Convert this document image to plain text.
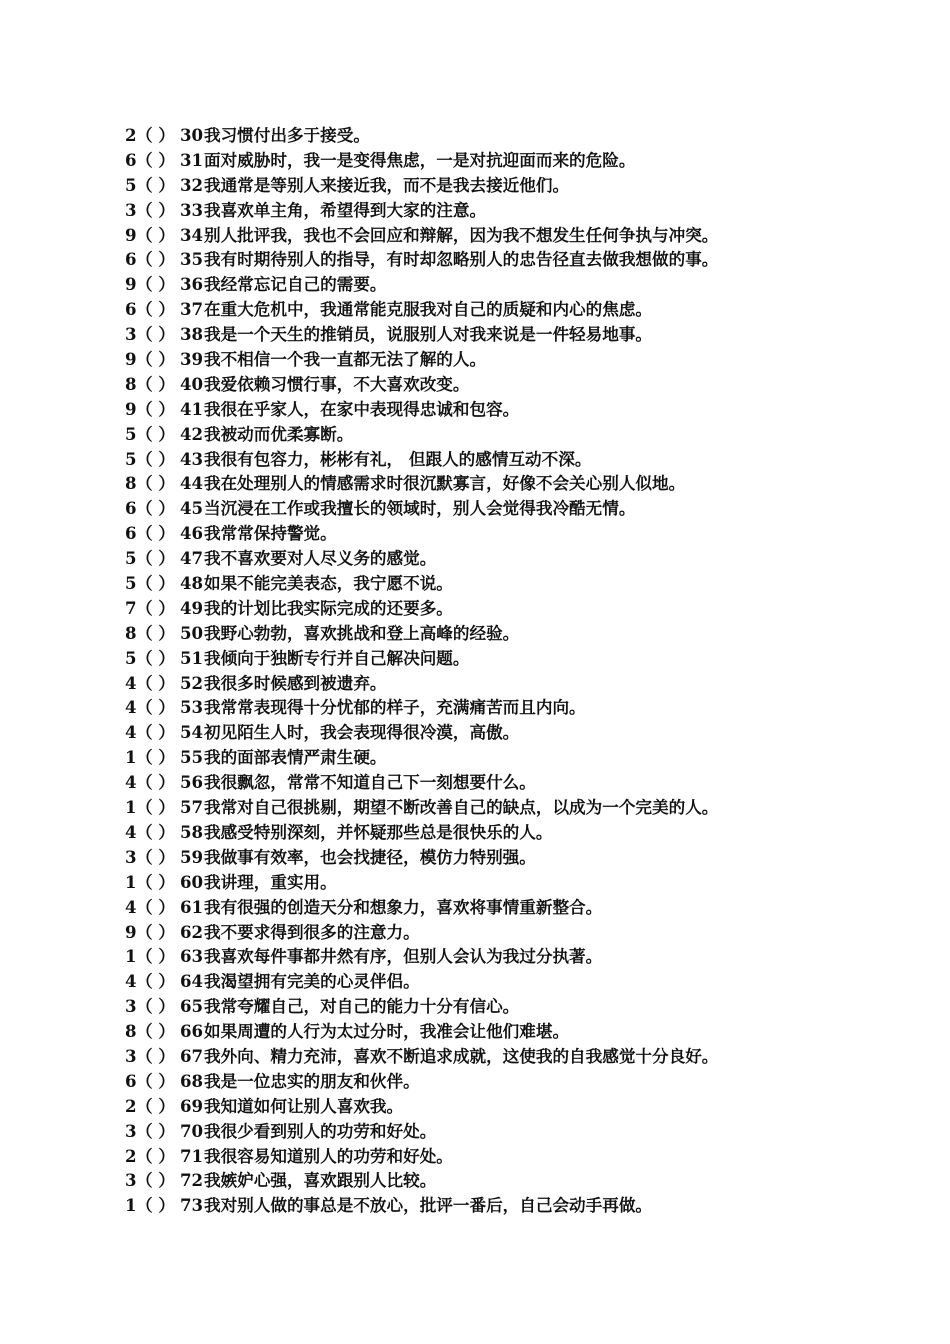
2（ ） 30我习惯付出多于接受。
6（ ） 31面对威胁时，我一是变得焦虑，一是对抗迎面而来的危险。
5（ ） 32我通常是等别人来接近我，而不是我去接近他们。
3（ ） 33我喜欢单主角，希望得到大家的注意。
9（ ） 34别人批评我，我也不会回应和辩解，因为我不想发生任何争执与冲突。
6（ ） 35我有时期待别人的指导，有时却忽略别人的忠告径直去做我想做的事。
9（ ） 36我经常忘记自己的需要。
6（ ） 37在重大危机中，我通常能克服我对自己的质疑和内心的焦虑。
3（ ） 38我是一个天生的推销员，说服别人对我来说是一件轻易地事。
9（ ） 39我不相信一个我一直都无法了解的人。
8（ ） 40我爱依赖习惯行事，不大喜欢改变。
9（ ） 41我很在乎家人，在家中表现得忠诚和包容。
5（ ） 42我被动而优柔寡断。
5（ ） 43我很有包容力，彬彬有礼， 但跟人的感情互动不深。
8（ ） 44我在处理别人的情感需求时很沉默寡言，好像不会关心别人似地。
6（ ） 45当沉浸在工作或我擅长的领域时，别人会觉得我冷酷无情。
6（ ） 46我常常保持警觉。
5（ ） 47我不喜欢要对人尽义务的感觉。
5（ ） 48如果不能完美表态，我宁愿不说。
7（ ） 49我的计划比我实际完成的还要多。
8（ ） 50我野心勃勃，喜欢挑战和登上高峰的经验。
5（ ） 51我倾向于独断专行并自己解决问题。
4（ ） 52我很多时候感到被遗弃。
4（ ） 53我常常表现得十分忧郁的样子，充满痛苦而且内向。
4（ ） 54初见陌生人时，我会表现得很冷漠，高傲。
1（ ） 55我的面部表情严肃生硬。
4（ ） 56我很飘忽，常常不知道自己下一刻想要什么。
1（ ） 57我常对自己很挑剔，期望不断改善自己的缺点，以成为一个完美的人。
4（ ） 58我感受特别深刻，并怀疑那些总是很快乐的人。
3（ ） 59我做事有效率，也会找捷径，模仿力特别强。
1（ ） 60我讲理，重实用。
4（ ） 61我有很强的创造天分和想象力，喜欢将事情重新整合。
9（ ） 62我不要求得到很多的注意力。
1（ ） 63我喜欢每件事都井然有序，但别人会认为我过分执著。
4（ ） 64我渴望拥有完美的心灵伴侣。
3（ ） 65我常夸耀自己，对自己的能力十分有信心。
8（ ） 66如果周遭的人行为太过分时，我准会让他们难堪。
3（ ） 67我外向、精力充沛，喜欢不断追求成就，这使我的自我感觉十分良好。
6（ ） 68我是一位忠实的朋友和伙伴。
2（ ） 69我知道如何让别人喜欢我。
3（ ） 70我很少看到别人的功劳和好处。
2（ ） 71我很容易知道别人的功劳和好处。
3（ ） 72我嫉妒心强，喜欢跟别人比较。
1（ ） 73我对别人做的事总是不放心，批评一番后，自己会动手再做。
